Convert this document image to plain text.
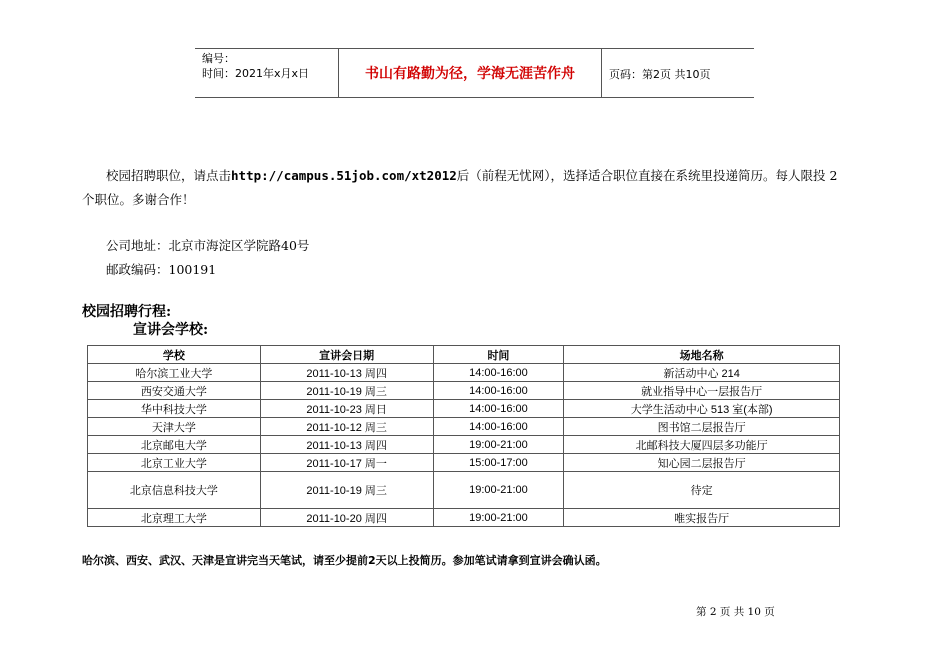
编号：
时间：2021年x月x日	书山有路勤为径，学海无涯苦作舟	页码：第2页 共10页
校园招聘职位，请点击http://campus.51job.com/xt2012后（前程无忧网），选择适合职位直接在系统里投递简历。每人限投 2
个职位。多谢合作！
公司地址：北京市海淀区学院路40号
邮政编码：100191
校园招聘行程:
宣讲会学校:
学校	宣讲会日期	时间	场地名称
哈尔滨工业大学	2011-10-13 周四	14:00-16:00	新活动中心 214
西安交通大学	2011-10-19 周三	14:00-16:00	就业指导中心一层报告厅
华中科技大学	2011-10-23 周日	14:00-16:00	大学生活动中心 513 室(本部)
天津大学	2011-10-12 周三	14:00-16:00	图书馆二层报告厅
北京邮电大学	2011-10-13 周四	19:00-21:00	北邮科技大厦四层多功能厅
北京工业大学	2011-10-17 周一	15:00-17:00	知心园二层报告厅
北京信息科技大学	2011-10-19 周三	19:00-21:00	待定
北京理工大学	2011-10-20 周四	19:00-21:00	唯实报告厅
哈尔滨、西安、武汉、天津是宣讲完当天笔试，请至少提前2天以上投简历。参加笔试请拿到宣讲会确认函。
第 2 页 共 10 页
